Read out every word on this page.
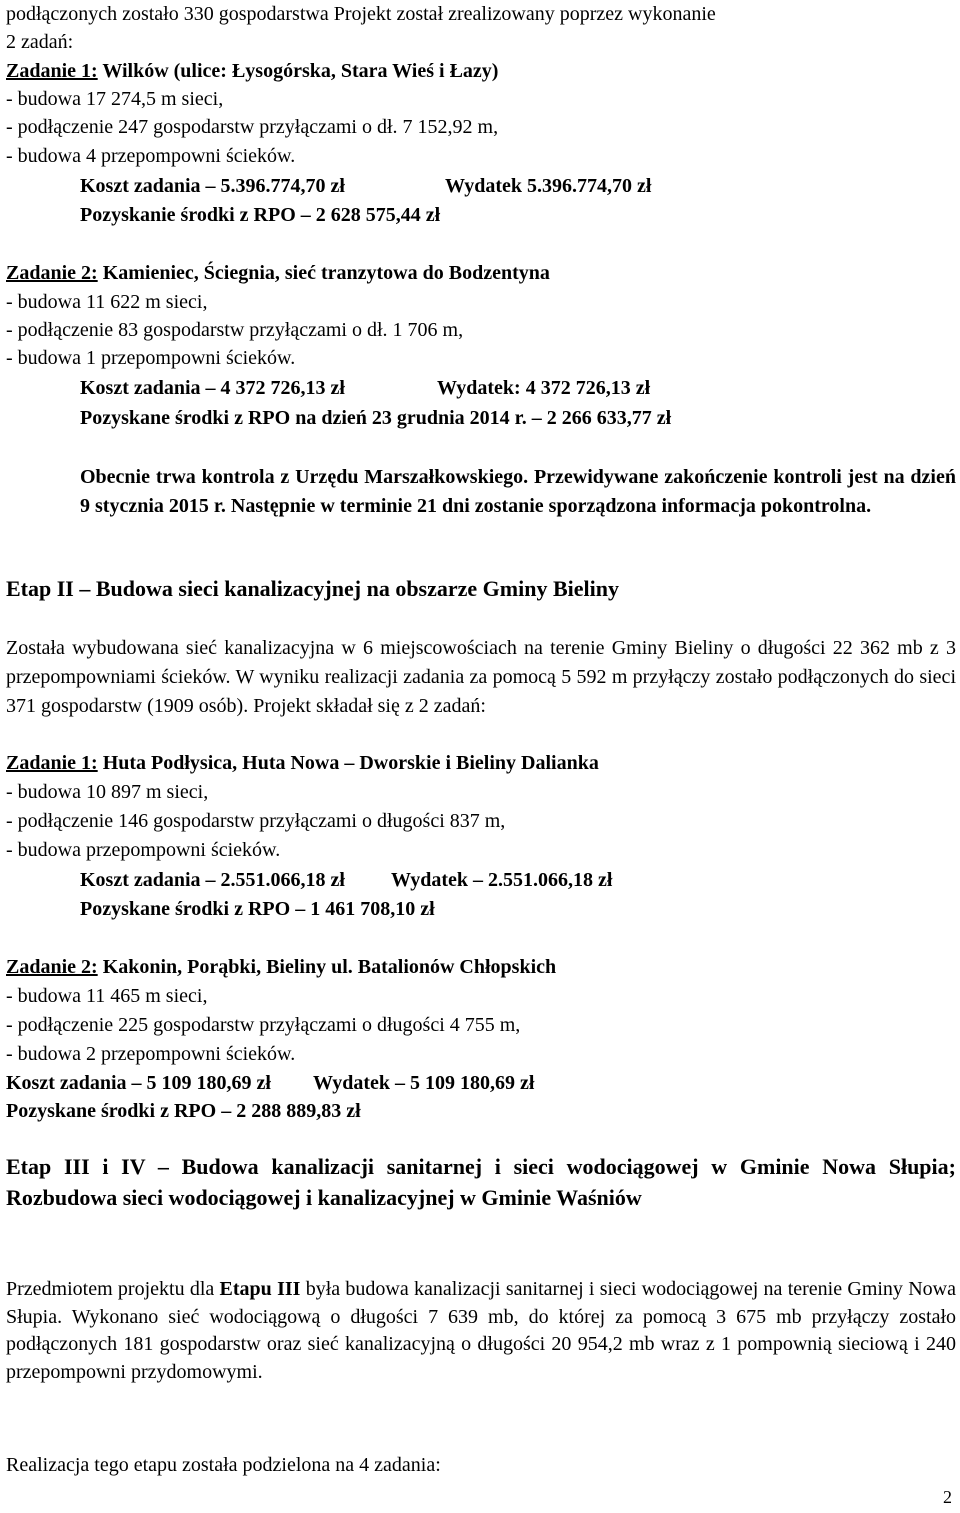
podłączonych zostało 330 gospodarstwa Projekt został zrealizowany poprzez wykonanie
2 zadań:
Zadanie 1: Wilków (ulice: Łysogórska, Stara Wieś i Łazy)
- budowa 17 274,5 m sieci,
- podłączenie 247 gospodarstw przyłączami o dł. 7 152,92 m,
- budowa 4 przepompowni ścieków.
Koszt zadania – 5.396.774,70 zł	Wydatek 5.396.774,70 zł
Pozyskanie środki z RPO – 2 628 575,44 zł
Zadanie 2: Kamieniec, Ściegnia, sieć tranzytowa do Bodzentyna
- budowa 11 622 m sieci,
- podłączenie 83 gospodarstw przyłączami o dł. 1 706 m,
- budowa 1 przepompowni ścieków.
Koszt zadania – 4 372 726,13 zł	Wydatek: 4 372 726,13 zł
Pozyskane środki z RPO na dzień 23 grudnia 2014 r. – 2 266 633,77 zł
Obecnie trwa kontrola z Urzędu Marszałkowskiego. Przewidywane zakończenie kontroli jest na dzień 9 stycznia 2015 r. Następnie w terminie 21 dni zostanie sporządzona informacja pokontrolna.
Etap II – Budowa sieci kanalizacyjnej na obszarze Gminy Bieliny
Została wybudowana sieć kanalizacyjna w 6 miejscowościach na terenie Gminy Bieliny o długości 22 362 mb z 3 przepompowniami ścieków. W wyniku realizacji zadania za pomocą 5 592 m przyłączy zostało podłączonych do sieci 371 gospodarstw (1909 osób). Projekt składał się z 2 zadań:
Zadanie 1: Huta Podłysica, Huta Nowa – Dworskie i Bieliny Dalianka
- budowa 10 897 m sieci,
- podłączenie 146 gospodarstw przyłączami o długości 837 m,
- budowa przepompowni ścieków.
Koszt zadania – 2.551.066,18 zł Wydatek – 2.551.066,18 zł
Pozyskane środki z RPO – 1 461 708,10 zł
Zadanie 2: Kakonin, Porąbki, Bieliny ul. Batalionów Chłopskich
- budowa 11 465 m sieci,
- podłączenie 225 gospodarstw przyłączami o długości 4 755 m,
- budowa 2 przepompowni ścieków.
Koszt zadania – 5 109 180,69 zł Wydatek – 5 109 180,69 zł
Pozyskane środki z RPO – 2 288 889,83 zł
Etap III i IV – Budowa kanalizacji sanitarnej i sieci wodociągowej w Gminie Nowa Słupia; Rozbudowa sieci wodociągowej i kanalizacyjnej w Gminie Waśniów
Przedmiotem projektu dla Etapu III była budowa kanalizacji sanitarnej i sieci wodociągowej na terenie Gminy Nowa Słupia. Wykonano sieć wodociągową o długości 7 639 mb, do której za pomocą 3 675 mb przyłączy zostało podłączonych 181 gospodarstw oraz sieć kanalizacyjną o długości 20 954,2 mb wraz z 1 pompownią sieciową i 240 przepompowni przydomowymi.
Realizacja tego etapu została podzielona na 4 zadania:
2
